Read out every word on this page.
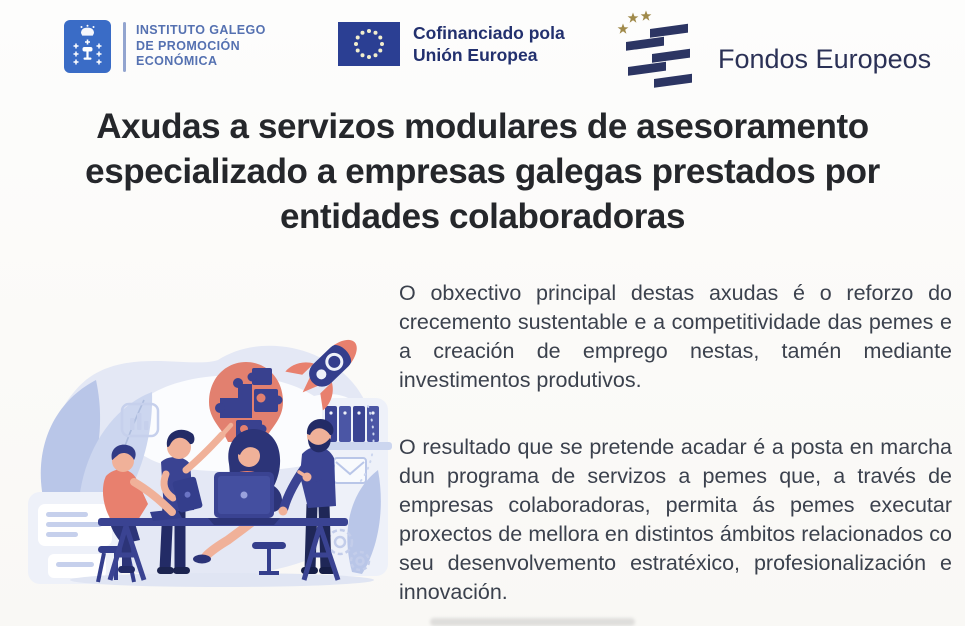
INSTITUTO GALEGO
DE PROMOCIÓN
ECONÓMICA
Cofinanciado pola
Unión Europea	Fondos Europeos
Axudas a servizos modulares de asesoramento
especializado a empresas galegas prestados por
entidades colaboradoras

O obxectivo principal destas axudas é o reforzo do crecemento sustentable e a competitividade das pemes e a creación de emprego nestas, tamén mediante investimentos produtivos.

O resultado que se pretende acadar é a posta en marcha dun programa de servizos a pemes que, a través de empresas colaboradoras, permita ás pemes executar proxectos de mellora en distintos ámbitos relacionados co seu desenvolvemento estratéxico, profesionalización e innovación.
